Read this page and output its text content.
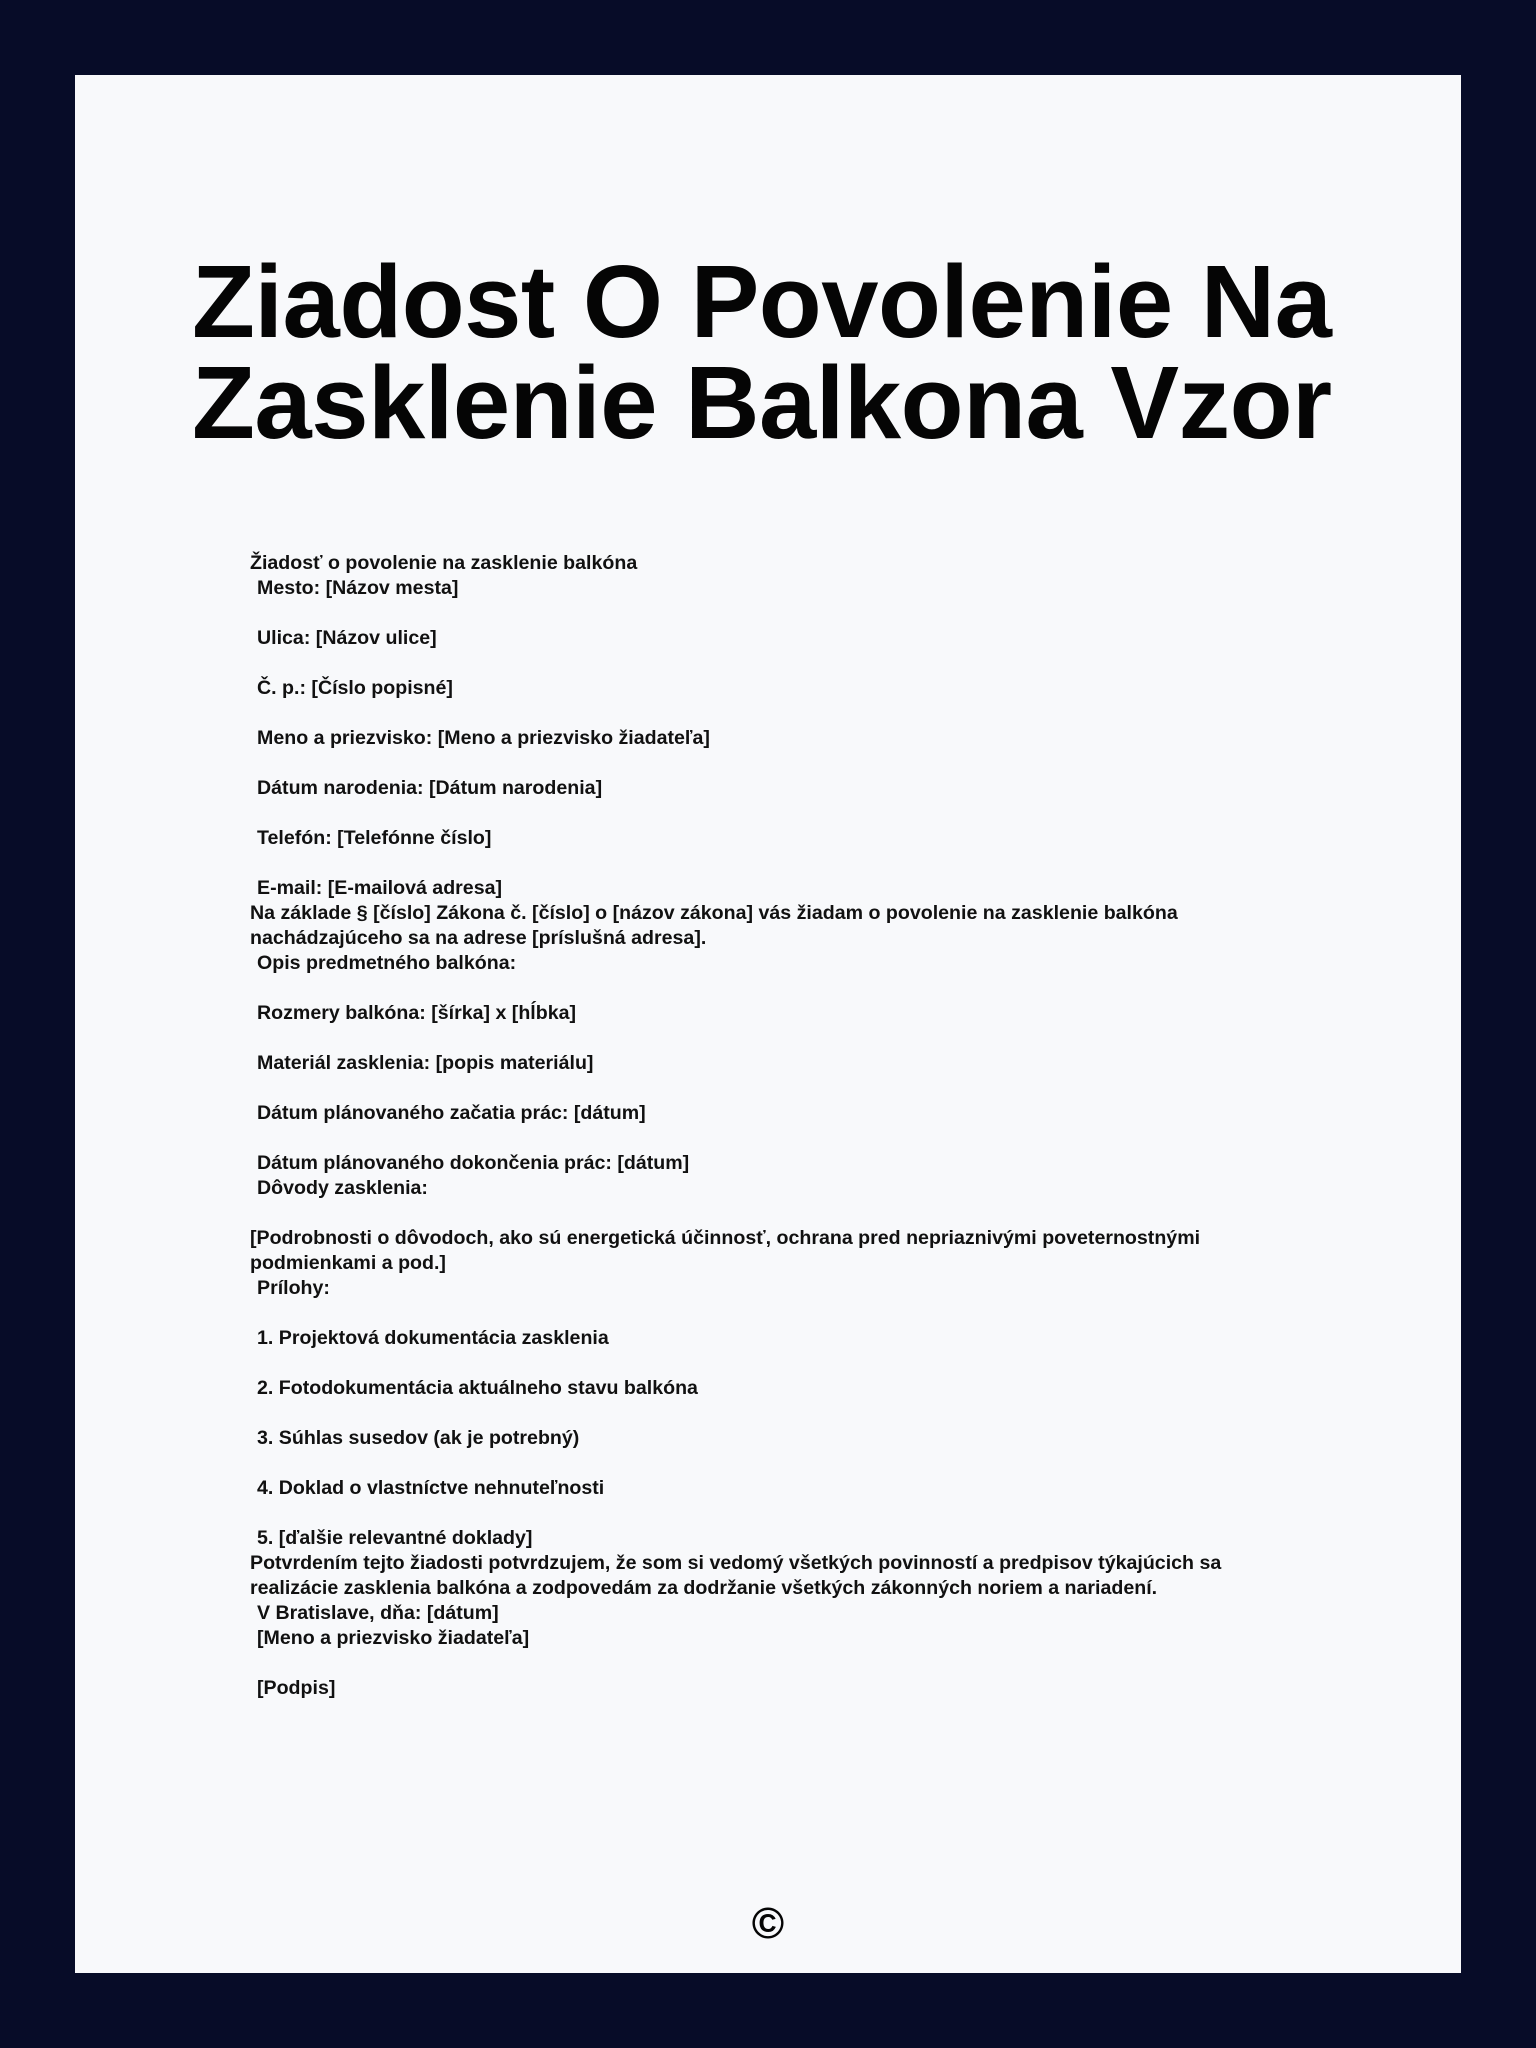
Ziadost O Povolenie Na
Zasklenie Balkona Vzor
Žiadosť o povolenie na zasklenie balkóna
Mesto: [Názov mesta]
Ulica: [Názov ulice]
Č. p.: [Číslo popisné]
Meno a priezvisko: [Meno a priezvisko žiadateľa]
Dátum narodenia: [Dátum narodenia]
Telefón: [Telefónne číslo]
E-mail: [E-mailová adresa]
Na základe § [číslo] Zákona č. [číslo] o [názov zákona] vás žiadam o povolenie na zasklenie balkóna
nachádzajúceho sa na adrese [príslušná adresa].
Opis predmetného balkóna:
Rozmery balkóna: [šírka] x [hĺbka]
Materiál zasklenia: [popis materiálu]
Dátum plánovaného začatia prác: [dátum]
Dátum plánovaného dokončenia prác: [dátum]
Dôvody zasklenia:
[Podrobnosti o dôvodoch, ako sú energetická účinnosť, ochrana pred nepriaznivými poveternostnými
podmienkami a pod.]
Prílohy:
1. Projektová dokumentácia zasklenia
2. Fotodokumentácia aktuálneho stavu balkóna
3. Súhlas susedov (ak je potrebný)
4. Doklad o vlastníctve nehnuteľnosti
5. [ďalšie relevantné doklady]
Potvrdením tejto žiadosti potvrdzujem, že som si vedomý všetkých povinností a predpisov týkajúcich sa
realizácie zasklenia balkóna a zodpovedám za dodržanie všetkých zákonných noriem a nariadení.
V Bratislave, dňa: [dátum]
[Meno a priezvisko žiadateľa]
[Podpis]
©
